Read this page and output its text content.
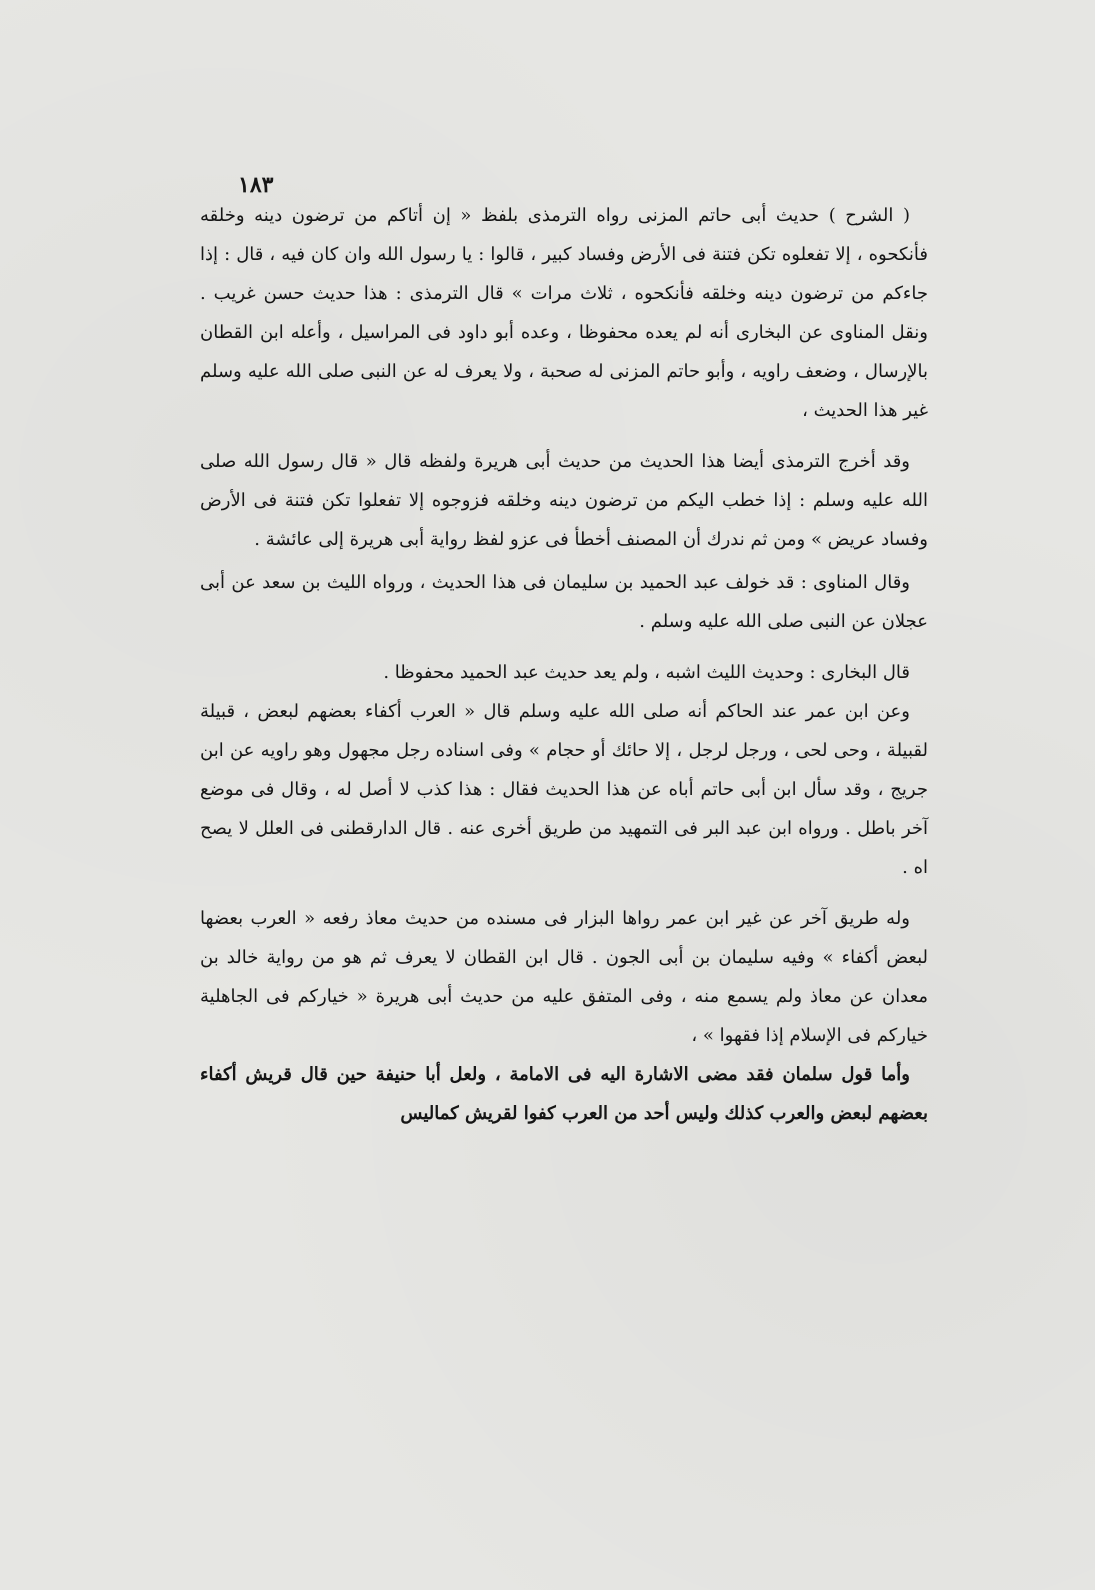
١٨٣

( الشرح ) حديث أبى حاتم المزنى رواه الترمذى بلفظ « إن أتاكم من ترضون دينه وخلقه فأنكحوه ، إلا تفعلوه تكن فتنة فى الأرض وفساد كبير ، قالوا : يا رسول الله وان كان فيه ، قال : إذا جاءكم من ترضون دينه وخلقه فأنكحوه ، ثلاث مرات » قال الترمذى : هذا حديث حسن غريب . ونقل المناوى عن البخارى أنه لم يعده محفوظا ، وعده أبو داود فى المراسيل ، وأعله ابن القطان بالإرسال ، وضعف راويه ، وأبو حاتم المزنى له صحبة ، ولا يعرف له عن النبى صلى الله عليه وسلم غير هذا الحديث ،

وقد أخرج الترمذى أيضا هذا الحديث من حديث أبى هريرة ولفظه قال « قال رسول الله صلى الله عليه وسلم : إذا خطب اليكم من ترضون دينه وخلقه فزوجوه إلا تفعلوا تكن فتنة فى الأرض وفساد عريض » ومن ثم ندرك أن المصنف أخطأ فى عزو لفظ رواية أبى هريرة إلى عائشة .

وقال المناوى : قد خولف عبد الحميد بن سليمان فى هذا الحديث ، ورواه الليث بن سعد عن أبى عجلان عن النبى صلى الله عليه وسلم .

قال البخارى : وحديث الليث اشبه ، ولم يعد حديث عبد الحميد محفوظا .

وعن ابن عمر عند الحاكم أنه صلى الله عليه وسلم قال « العرب أكفاء بعضهم لبعض ، قبيلة لقبيلة ، وحى لحى ، ورجل لرجل ، إلا حائك أو حجام » وفى اسناده رجل مجهول وهو راويه عن ابن جريج ، وقد سأل ابن أبى حاتم أباه عن هذا الحديث فقال : هذا كذب لا أصل له ، وقال فى موضع آخر باطل . ورواه ابن عبد البر فى التمهيد من طريق أخرى عنه . قال الدارقطنى فى العلل لا يصح اه .

وله طريق آخر عن غير ابن عمر رواها البزار فى مسنده من حديث معاذ رفعه « العرب بعضها لبعض أكفاء » وفيه سليمان بن أبى الجون . قال ابن القطان لا يعرف ثم هو من رواية خالد بن معدان عن معاذ ولم يسمع منه ، وفى المتفق عليه من حديث أبى هريرة « خياركم فى الجاهلية خياركم فى الإسلام إذا فقهوا » ،

وأما قول سلمان فقد مضى الاشارة اليه فى الامامة ، ولعل أبا حنيفة حين قال قريش أكفاء بعضهم لبعض والعرب كذلك وليس أحد من العرب كفوا لقريش كماليس
